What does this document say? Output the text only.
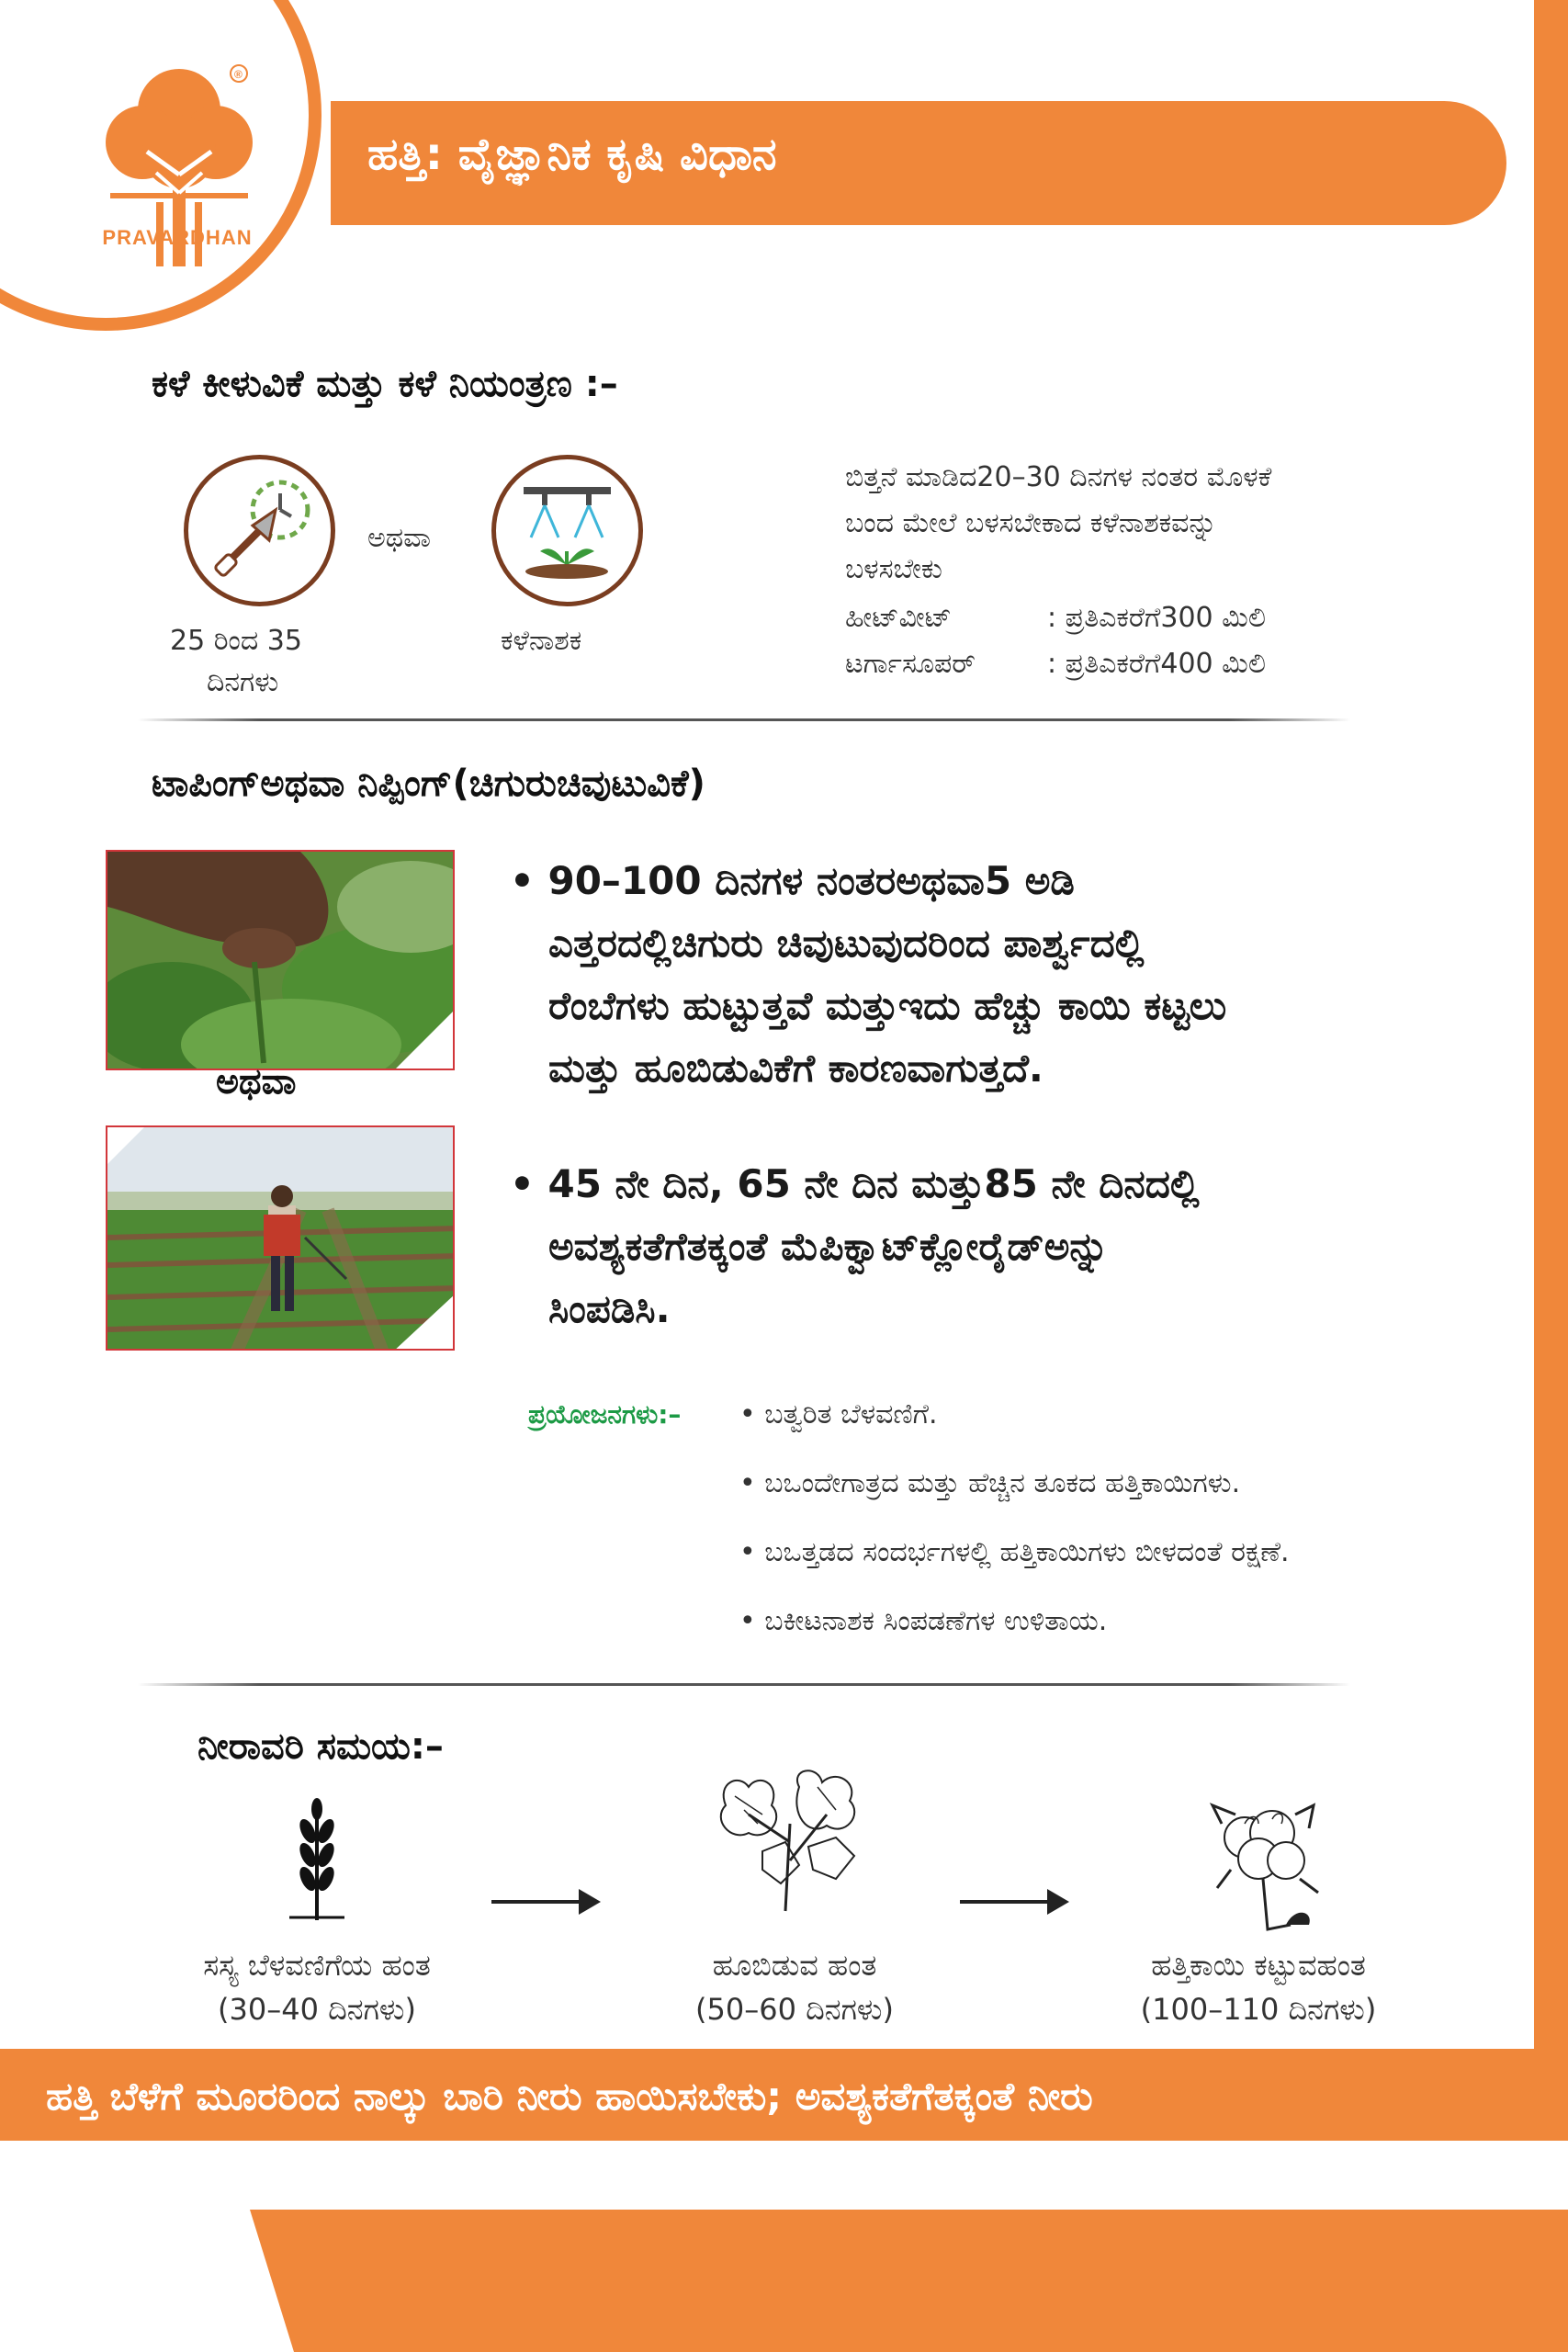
ಹತ್ತಿ: ವೈಜ್ಞಾನಿಕ ಕೃಷಿ ವಿಧಾನ
®
PRAVARDHAN
ಕಳೆ ಕೀಳುವಿಕೆ ಮತ್ತು ಕಳೆ ನಿಯಂತ್ರಣ :–
ಅಥವಾ
25 ರಿಂದ 35
ದಿನಗಳು
ಕಳೆನಾಶಕ
ಬಿತ್ತನೆ ಮಾಡಿದ20–30 ದಿನಗಳ ನಂತರ ಮೊಳಕೆ
ಬಂದ ಮೇಲೆ ಬಳಸಬೇಕಾದ ಕಳೆನಾಶಕವನ್ನು
ಬಳಸಬೇಕು
ಹೀಟ್‌ವೀಟ್	: ಪ್ರತಿಎಕರೆಗೆ300 ಮಿಲಿ
ಟರ್ಗಾಸೂಪರ್	: ಪ್ರತಿಎಕರೆಗೆ400 ಮಿಲಿ
ಟಾಪಿಂಗ್‌ಅಥವಾ ನಿಪ್ಪಿಂಗ್(ಚಿಗುರುಚಿವುಟುವಿಕೆ)
ಅಥವಾ
• 90–100 ದಿನಗಳ ನಂತರಅಥವಾ5 ಅಡಿ
ಎತ್ತರದಲ್ಲಿಚಿಗುರು ಚಿವುಟುವುದರಿಂದ ಪಾರ್ಶ್ವದಲ್ಲಿ
ರೆಂಬೆಗಳು ಹುಟ್ಟುತ್ತವೆ ಮತ್ತುಇದು ಹೆಚ್ಚು ಕಾಯಿ ಕಟ್ಟಲು
ಮತ್ತು ಹೂಬಿಡುವಿಕೆಗೆ ಕಾರಣವಾಗುತ್ತದೆ.
• 45 ನೇ ದಿನ, 65 ನೇ ದಿನ ಮತ್ತು85 ನೇ ದಿನದಲ್ಲಿ
ಅವಶ್ಯಕತೆಗೆತಕ್ಕಂತೆ ಮೆಪಿಕ್ವಾಟ್‌ಕ್ಲೋರೈಡ್‌ಅನ್ನು
ಸಿಂಪಡಿಸಿ.
ಪ್ರಯೋಜನಗಳು:– • ಬತ್ವರಿತ ಬೆಳವಣಿಗೆ.
• ಬಒಂದೇಗಾತ್ರದ ಮತ್ತು ಹೆಚ್ಚಿನ ತೂಕದ ಹತ್ತಿಕಾಯಿಗಳು.
• ಬಒತ್ತಡದ ಸಂದರ್ಭಗಳಲ್ಲಿ ಹತ್ತಿಕಾಯಿಗಳು ಬೀಳದಂತೆ ರಕ್ಷಣೆ.
• ಬಕೀಟನಾಶಕ ಸಿಂಪಡಣೆಗಳ ಉಳಿತಾಯ.
ನೀರಾವರಿ ಸಮಯ:–
ಸಸ್ಯ ಬೆಳವಣಿಗೆಯ ಹಂತ
(30–40 ದಿನಗಳು)
ಹೂಬಿಡುವ ಹಂತ
(50–60 ದಿನಗಳು)
ಹತ್ತಿಕಾಯಿ ಕಟ್ಟುವಹಂತ
(100–110 ದಿನಗಳು)
ಹತ್ತಿ ಬೆಳೆಗೆ ಮೂರರಿಂದ ನಾಲ್ಕು ಬಾರಿ ನೀರು ಹಾಯಿಸಬೇಕು; ಅವಶ್ಯಕತೆಗೆತಕ್ಕಂತೆ ನೀರು
